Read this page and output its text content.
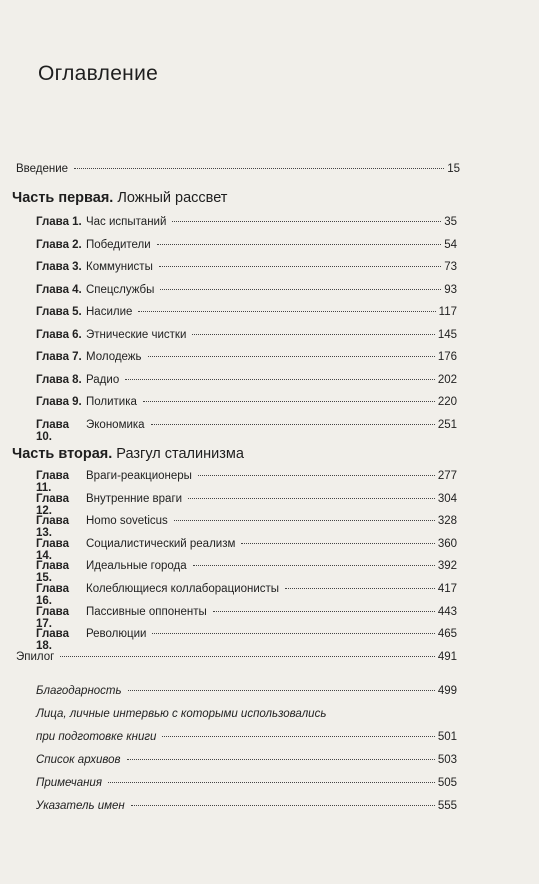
Оглавление
Введение	15
Часть первая. Ложный рассвет
Глава 1. Час испытаний	35
Глава 2. Победители	54
Глава 3. Коммунисты	73
Глава 4. Спецслужбы	93
Глава 5. Насилие	117
Глава 6. Этнические чистки	145
Глава 7. Молодежь	176
Глава 8. Радио	202
Глава 9. Политика	220
Глава 10.
Экономика	251
Часть вторая. Разгул сталинизма
Глава 11.
Враги-реакционеры	277
Глава 12.
Внутренние враги	304
Глава 13.
Homo soveticus	328
Глава 14.
Социалистический реализм	360
Глава 15.
Идеальные города	392
Глава 16.
Колеблющиеся коллаборационисты	417
Глава 17.
Пассивные оппоненты	443
Глава 18.
Революции	465
Эпилог	491
Благодарность	499
Лица, личные интервью с которыми использовались
при подготовке книги	501
Список архивов	503
Примечания	505
Указатель имен	555
